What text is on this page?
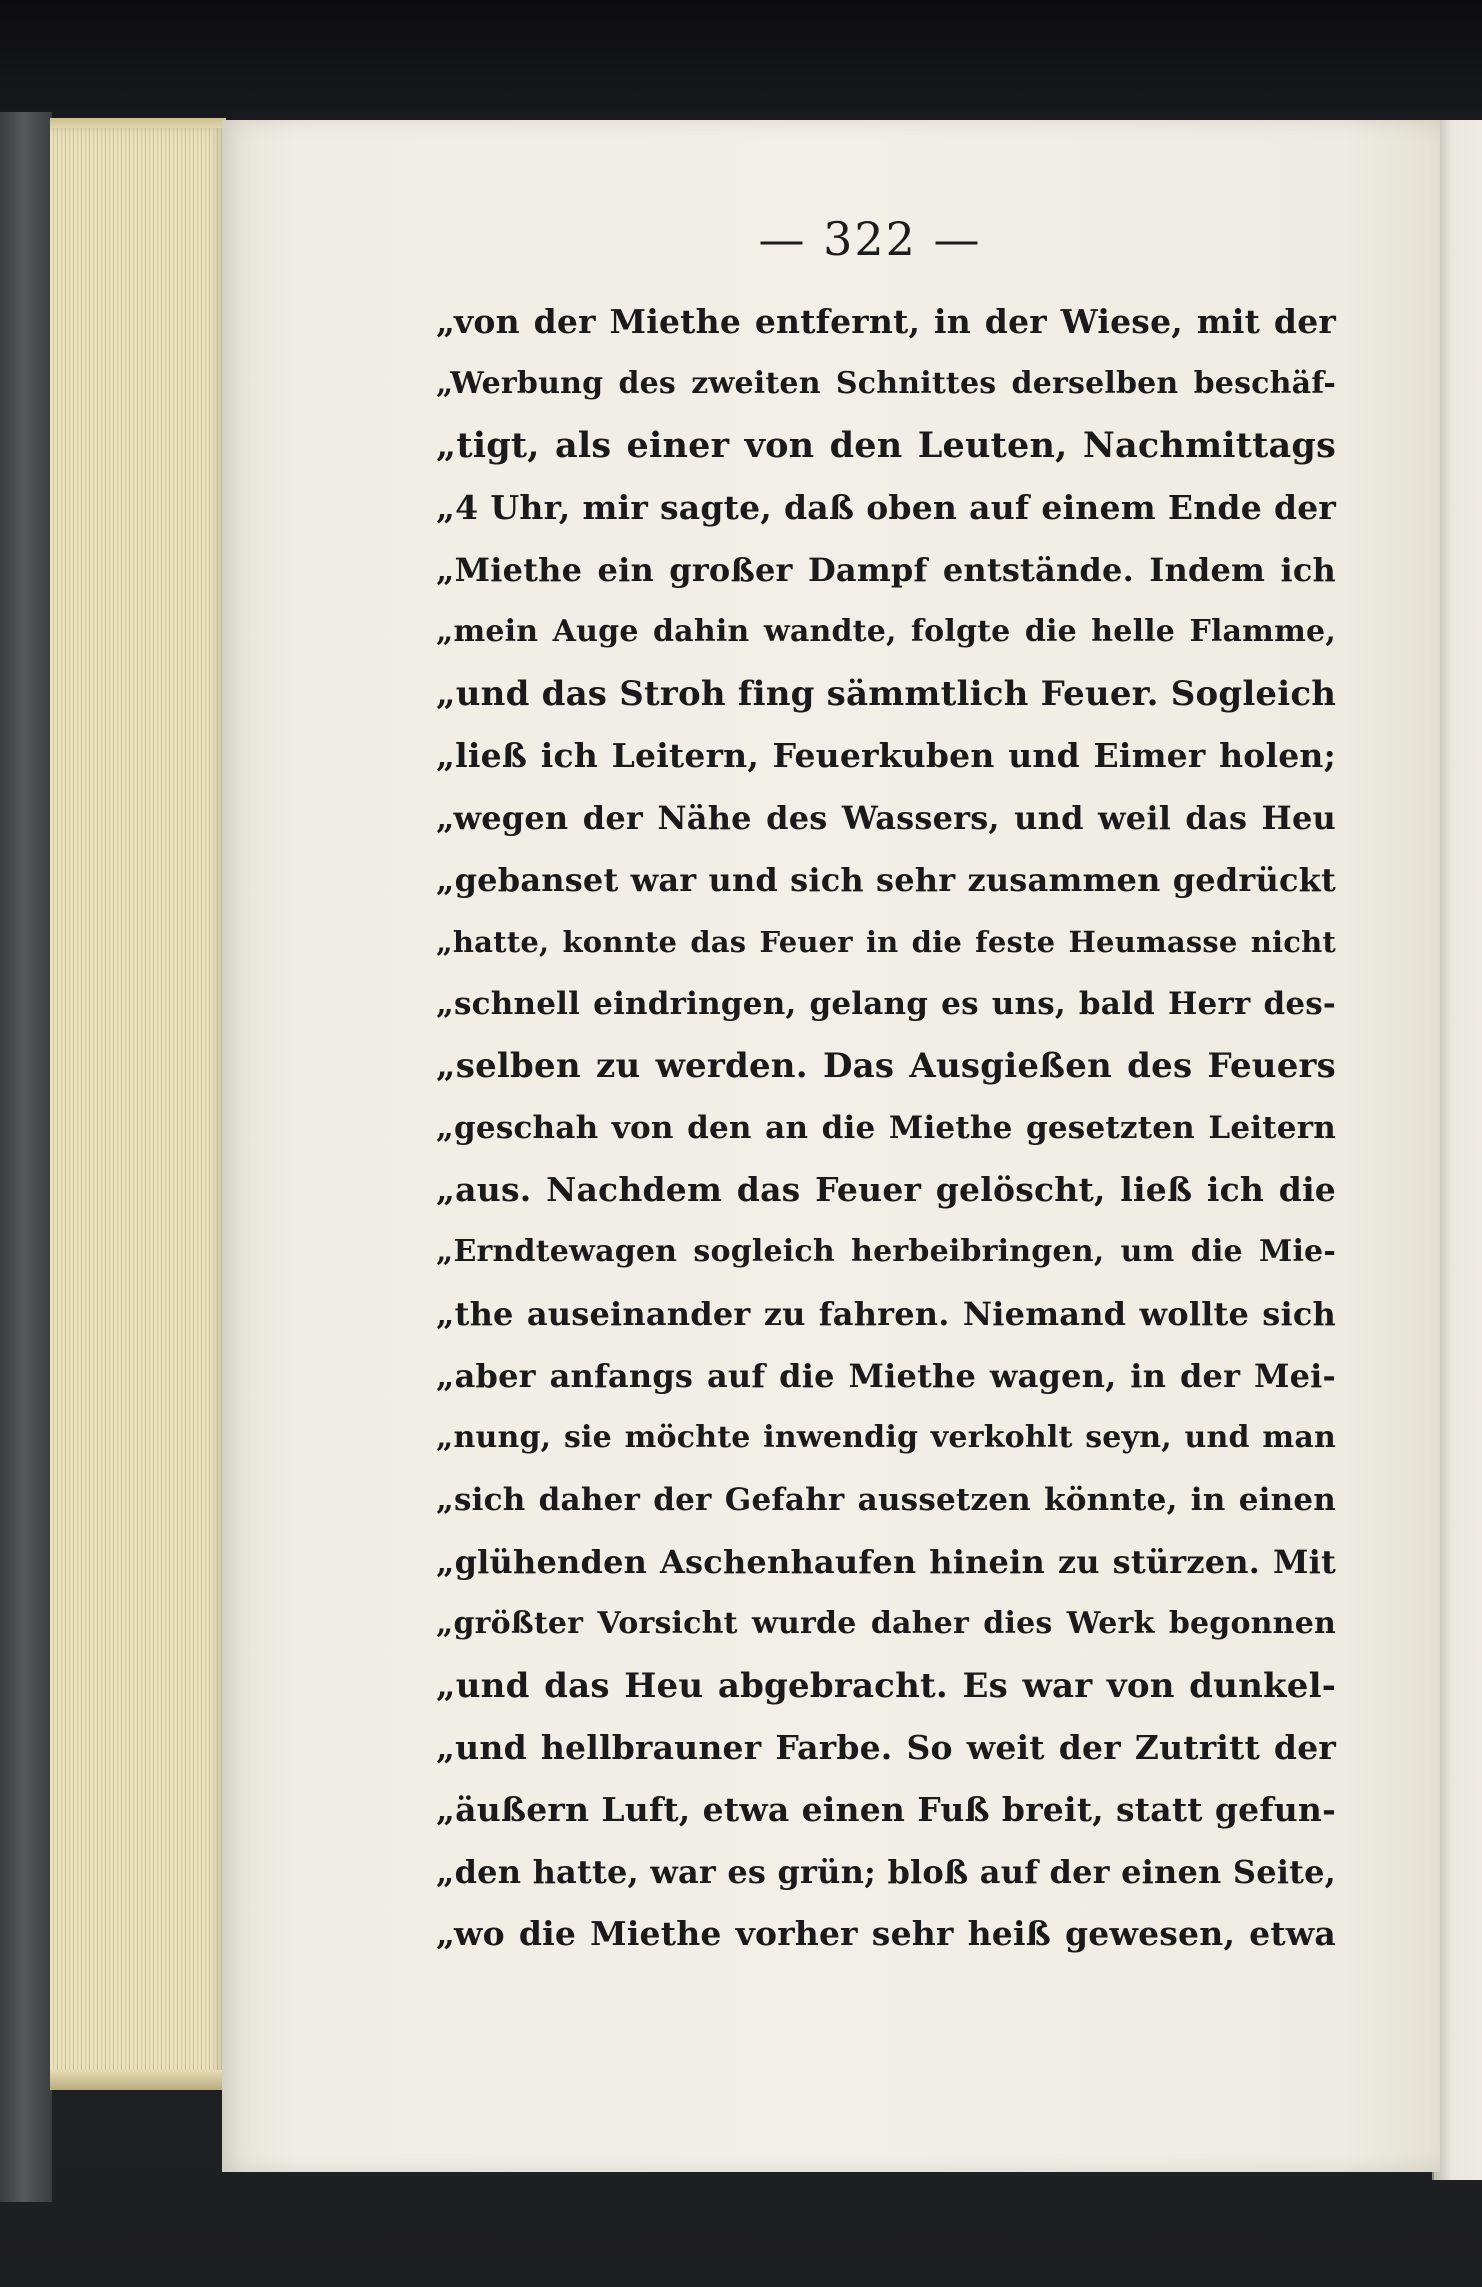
— 322 —
„von der Miethe entfernt, in der Wiese, mit der
„Werbung des zweiten Schnittes derselben beschäf-
„tigt, als einer von den Leuten, Nachmittags
„4 Uhr, mir sagte, daß oben auf einem Ende der
„Miethe ein großer Dampf entstände. Indem ich
„mein Auge dahin wandte, folgte die helle Flamme,
„und das Stroh fing sämmtlich Feuer. Sogleich
„ließ ich Leitern, Feuerkuben und Eimer holen;
„wegen der Nähe des Wassers, und weil das Heu
„gebanset war und sich sehr zusammen gedrückt
„hatte, konnte das Feuer in die feste Heumasse nicht
„schnell eindringen, gelang es uns, bald Herr des-
„selben zu werden. Das Ausgießen des Feuers
„geschah von den an die Miethe gesetzten Leitern
„aus. Nachdem das Feuer gelöscht, ließ ich die
„Erndtewagen sogleich herbeibringen, um die Mie-
„the auseinander zu fahren. Niemand wollte sich
„aber anfangs auf die Miethe wagen, in der Mei-
„nung, sie möchte inwendig verkohlt seyn, und man
„sich daher der Gefahr aussetzen könnte, in einen
„glühenden Aschenhaufen hinein zu stürzen. Mit
„größter Vorsicht wurde daher dies Werk begonnen
„und das Heu abgebracht. Es war von dunkel-
„und hellbrauner Farbe. So weit der Zutritt der
„äußern Luft, etwa einen Fuß breit, statt gefun-
„den hatte, war es grün; bloß auf der einen Seite,
„wo die Miethe vorher sehr heiß gewesen, etwa
